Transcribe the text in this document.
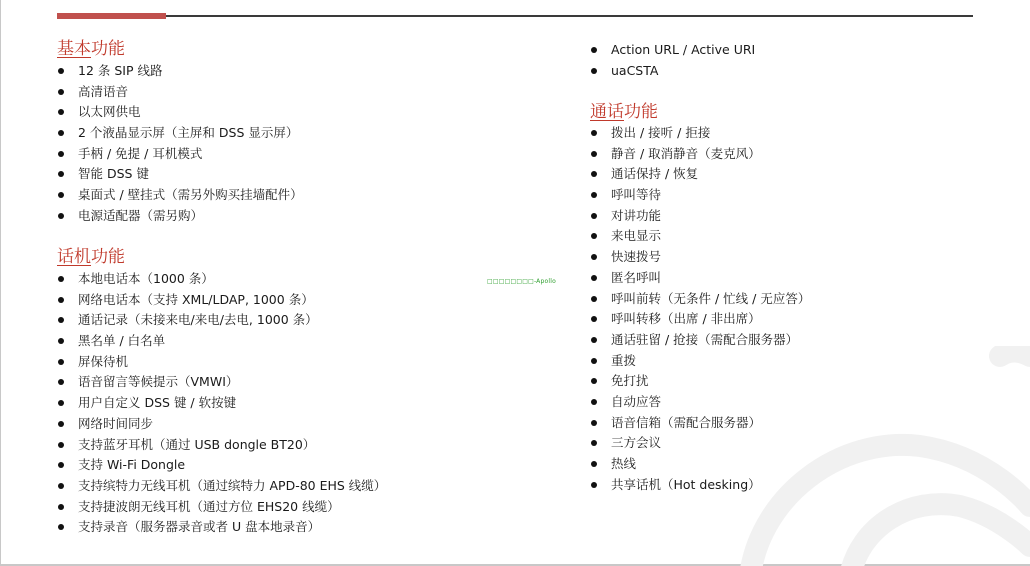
基本功能
12 条 SIP 线路
高清语音
以太网供电
2 个液晶显示屏（主屏和 DSS 显示屏）
手柄 / 免提 / 耳机模式
智能 DSS 键
桌面式 / 壁挂式（需另外购买挂墙配件）
电源适配器（需另购）
话机功能
本地电话本（1000 条）
网络电话本（支持 XML/LDAP, 1000 条）
通话记录（未接来电/来电/去电, 1000 条）
黑名单 / 白名单
屏保待机
语音留言等候提示（VMWI）
用户自定义 DSS 键 / 软按键
网络时间同步
支持蓝牙耳机（通过 USB dongle BT20）
支持 Wi-Fi Dongle
支持缤特力无线耳机（通过缤特力 APD-80 EHS 线缆）
支持捷波朗无线耳机（通过方位 EHS20 线缆）
支持录音（服务器录音或者 U 盘本地录音）
Action URL / Active URI
uaCSTA
通话功能
拨出 / 接听 / 拒接
静音 / 取消静音（麦克风）
通话保持 / 恢复
呼叫等待
对讲功能
来电显示
快速拨号
匿名呼叫
呼叫前转（无条件 / 忙线 / 无应答）
呼叫转移（出席 / 非出席）
通话驻留 / 抢接（需配合服务器）
重拨
免打扰
自动应答
语音信箱（需配合服务器）
三方会议
热线
共享话机（Hot desking）
□□□□□□□□-Apollo
